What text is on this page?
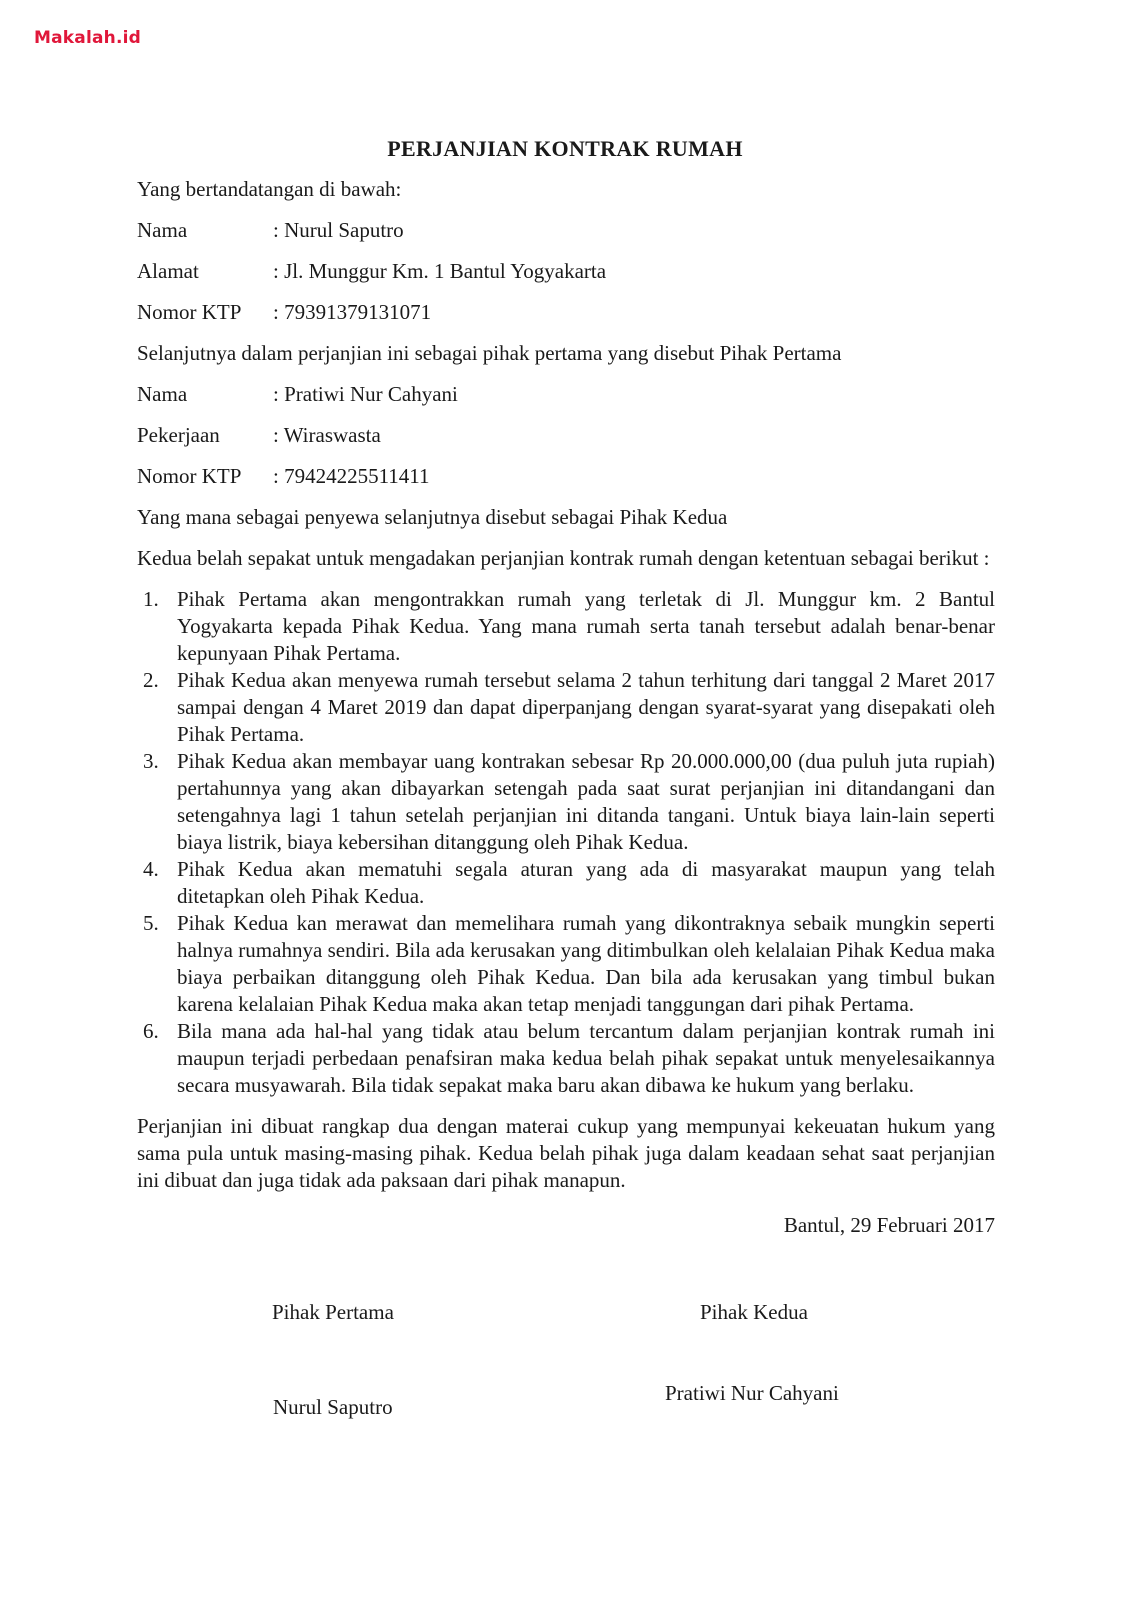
Makalah.id
PERJANJIAN KONTRAK RUMAH
Yang bertandatangan di bawah:
Nama	: Nurul Saputro
Alamat	: Jl. Munggur Km. 1 Bantul Yogyakarta
Nomor KTP	: 79391379131071
Selanjutnya dalam perjanjian ini sebagai pihak pertama yang disebut Pihak Pertama
Nama	: Pratiwi Nur Cahyani
Pekerjaan	: Wiraswasta
Nomor KTP	: 79424225511411
Yang mana sebagai penyewa selanjutnya disebut sebagai Pihak Kedua
Kedua belah sepakat untuk mengadakan perjanjian kontrak rumah dengan ketentuan sebagai berikut :
1. Pihak Pertama akan mengontrakkan rumah yang terletak di Jl. Munggur km. 2 Bantul Yogyakarta kepada Pihak Kedua. Yang mana rumah serta tanah tersebut adalah benar-benar kepunyaan Pihak Pertama.
2. Pihak Kedua akan menyewa rumah tersebut selama 2 tahun terhitung dari tanggal 2 Maret 2017 sampai dengan 4 Maret 2019 dan dapat diperpanjang dengan syarat-syarat yang disepakati oleh Pihak Pertama.
3. Pihak Kedua akan membayar uang kontrakan sebesar Rp 20.000.000,00 (dua puluh juta rupiah) pertahunnya yang akan dibayarkan setengah pada saat surat perjanjian ini ditandangani dan setengahnya lagi 1 tahun setelah perjanjian ini ditanda tangani. Untuk biaya lain-lain seperti biaya listrik, biaya kebersihan ditanggung oleh Pihak Kedua.
4. Pihak Kedua akan mematuhi segala aturan yang ada di masyarakat maupun yang telah ditetapkan oleh Pihak Kedua.
5. Pihak Kedua kan merawat dan memelihara rumah yang dikontraknya sebaik mungkin seperti halnya rumahnya sendiri. Bila ada kerusakan yang ditimbulkan oleh kelalaian Pihak Kedua maka biaya perbaikan ditanggung oleh Pihak Kedua. Dan bila ada kerusakan yang timbul bukan karena kelalaian Pihak Kedua maka akan tetap menjadi tanggungan dari pihak Pertama.
6. Bila mana ada hal-hal yang tidak atau belum tercantum dalam perjanjian kontrak rumah ini maupun terjadi perbedaan penafsiran maka kedua belah pihak sepakat untuk menyelesaikannya secara musyawarah. Bila tidak sepakat maka baru akan dibawa ke hukum yang berlaku.
Perjanjian ini dibuat rangkap dua dengan materai cukup yang mempunyai kekeuatan hukum yang sama pula untuk masing-masing pihak. Kedua belah pihak juga dalam keadaan sehat saat perjanjian ini dibuat dan juga tidak ada paksaan dari pihak manapun.
Bantul, 29 Februari 2017
Pihak Pertama	Pihak Kedua
Nurul Saputro
Pratiwi Nur Cahyani
